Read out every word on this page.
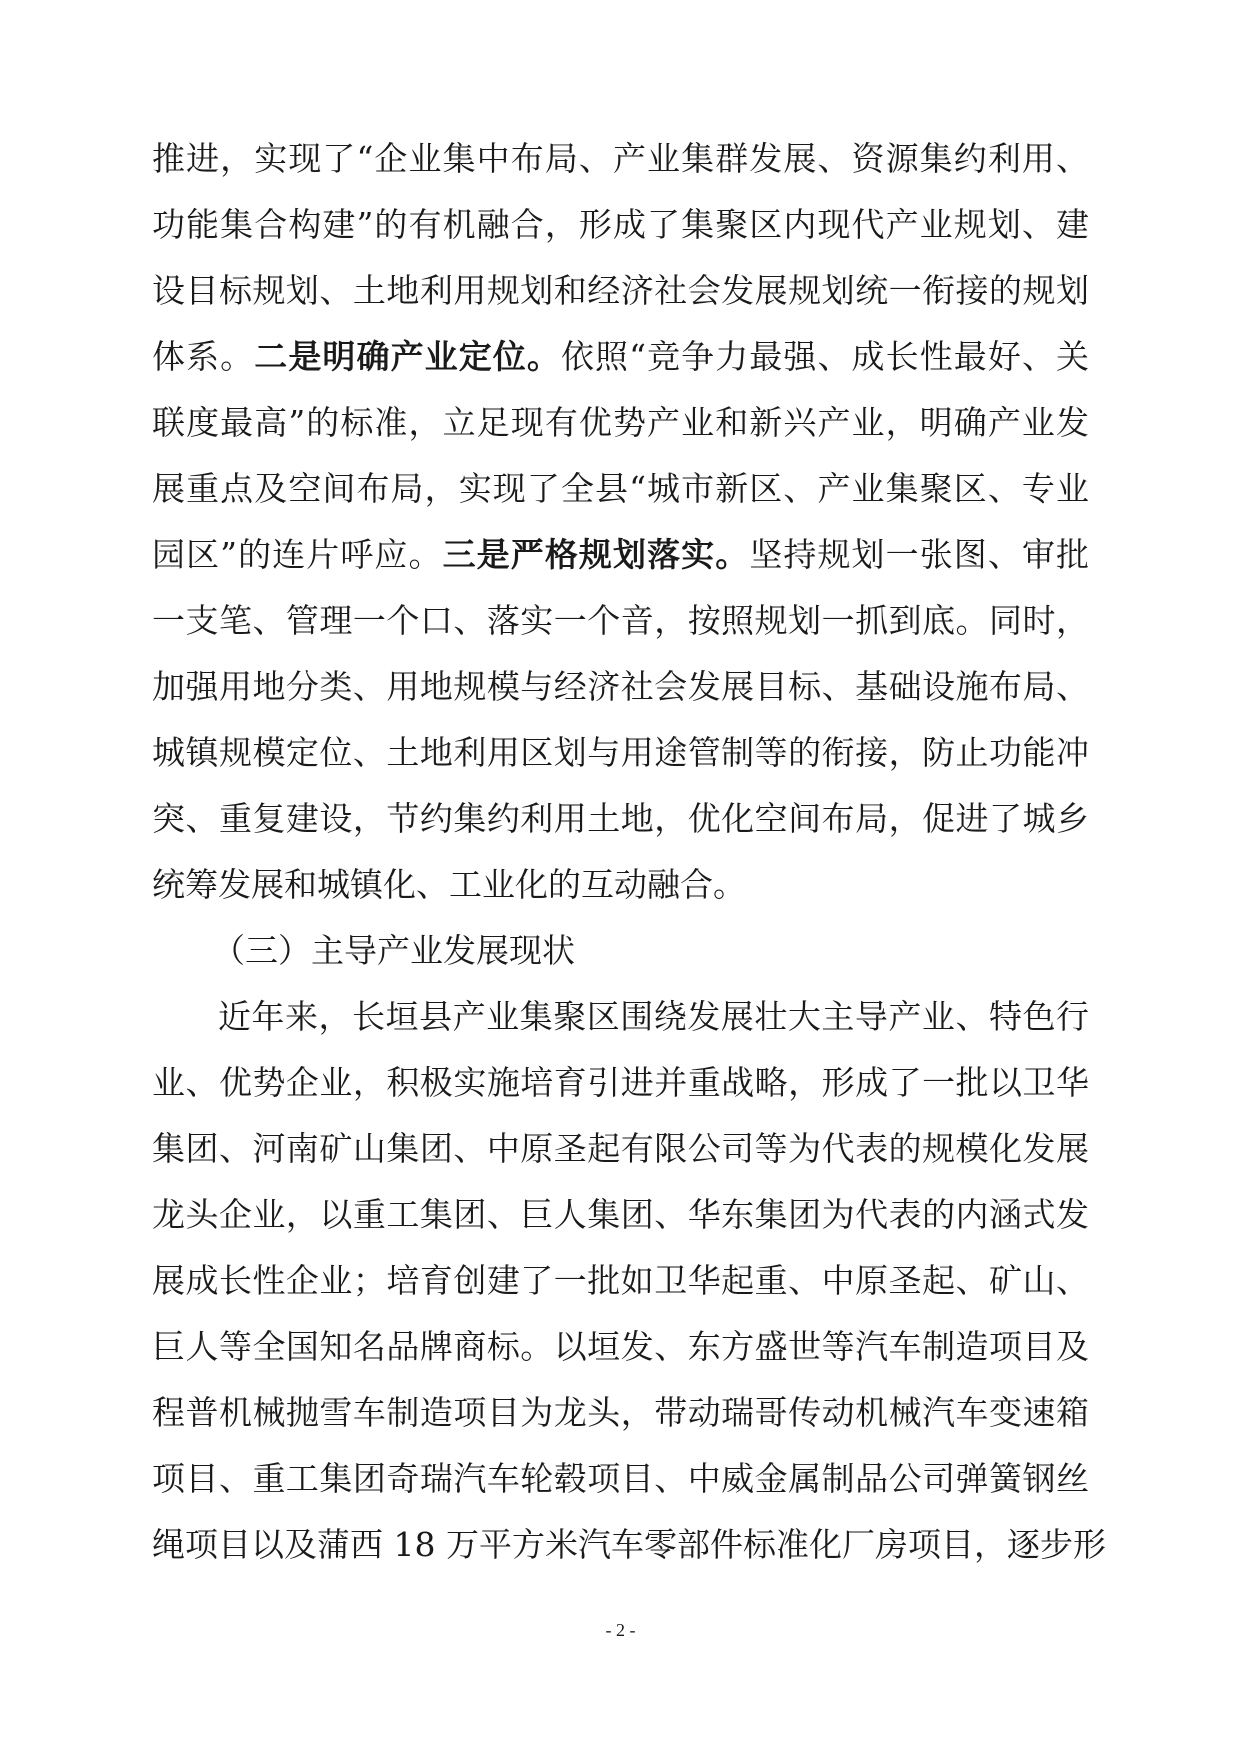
推进，实现了“企业集中布局、产业集群发展、资源集约利用、
功能集合构建”的有机融合，形成了集聚区内现代产业规划、建
设目标规划、土地利用规划和经济社会发展规划统一衔接的规划
体系。二是明确产业定位。依照“竞争力最强、成长性最好、关
联度最高”的标准，立足现有优势产业和新兴产业，明确产业发
展重点及空间布局，实现了全县“城市新区、产业集聚区、专业
园区”的连片呼应。三是严格规划落实。坚持规划一张图、审批
一支笔、管理一个口、落实一个音，按照规划一抓到底。同时，
加强用地分类、用地规模与经济社会发展目标、基础设施布局、
城镇规模定位、土地利用区划与用途管制等的衔接，防止功能冲
突、重复建设，节约集约利用土地，优化空间布局，促进了城乡
统筹发展和城镇化、工业化的互动融合。
（三）主导产业发展现状
近年来，长垣县产业集聚区围绕发展壮大主导产业、特色行
业、优势企业，积极实施培育引进并重战略，形成了一批以卫华
集团、河南矿山集团、中原圣起有限公司等为代表的规模化发展
龙头企业，以重工集团、巨人集团、华东集团为代表的内涵式发
展成长性企业；培育创建了一批如卫华起重、中原圣起、矿山、
巨人等全国知名品牌商标。以垣发、东方盛世等汽车制造项目及
程普机械抛雪车制造项目为龙头，带动瑞哥传动机械汽车变速箱
项目、重工集团奇瑞汽车轮毂项目、中威金属制品公司弹簧钢丝
绳项目以及蒲西 18 万平方米汽车零部件标准化厂房项目，逐步形
- 2 -
